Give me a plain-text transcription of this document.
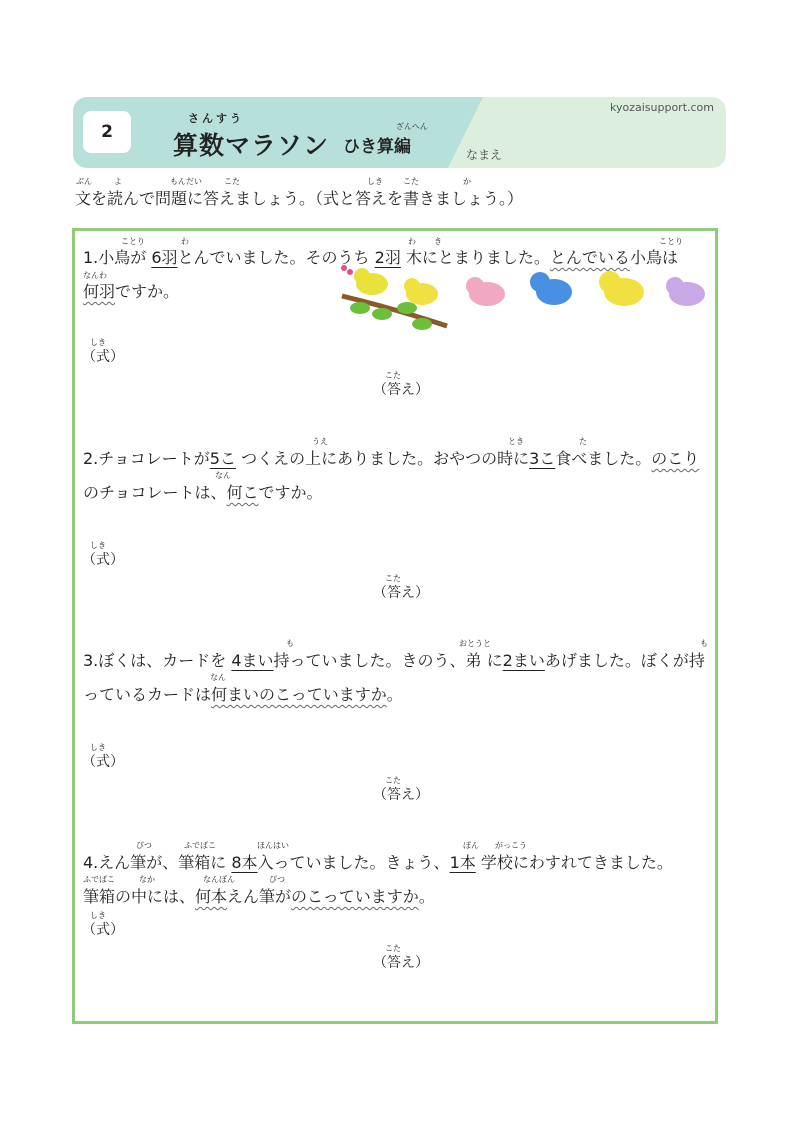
2
さんすう
算数マラソン
ざんへん
ひき算編
kyozaisupport.com
なまえ
ぶん	よ	もんだい	こた	しき	こた	か
文を読んで問題に答えましょう。（式と答えを書きましょう。）
ことり	わ	わ き	ことり
なんわ
1.小鳥が 6羽とんでいました。そのうち 2羽 木にとまりました。とんでいる小鳥は
何羽ですか。
しき
（式）
こた
（答え）
うえ	とき	た
なん
2.チョコレートが5こ つくえの上にありました。おやつの時に3こ食べました。のこり
のチョコレートは、何こですか。
しき
（式）
こた
（答え）
も	おとうと	も
なん
3.ぼくは、カードを 4まい持っていました。きのう、弟 に2まいあげました。ぼくが持
っているカードは何まいのこっていますか。
しき
（式）
こた
（答え）
ぴつ	ふでばこ	ほんはい	ぽん がっこう
ふでばこ	なか	なんぼん	ぴつ
4.えん筆が、筆箱に 8本入っていました。きょう、1本 学校にわすれてきました。
筆箱の中には、何本えん筆がのこっていますか。
しき
（式）
こた
（答え）
